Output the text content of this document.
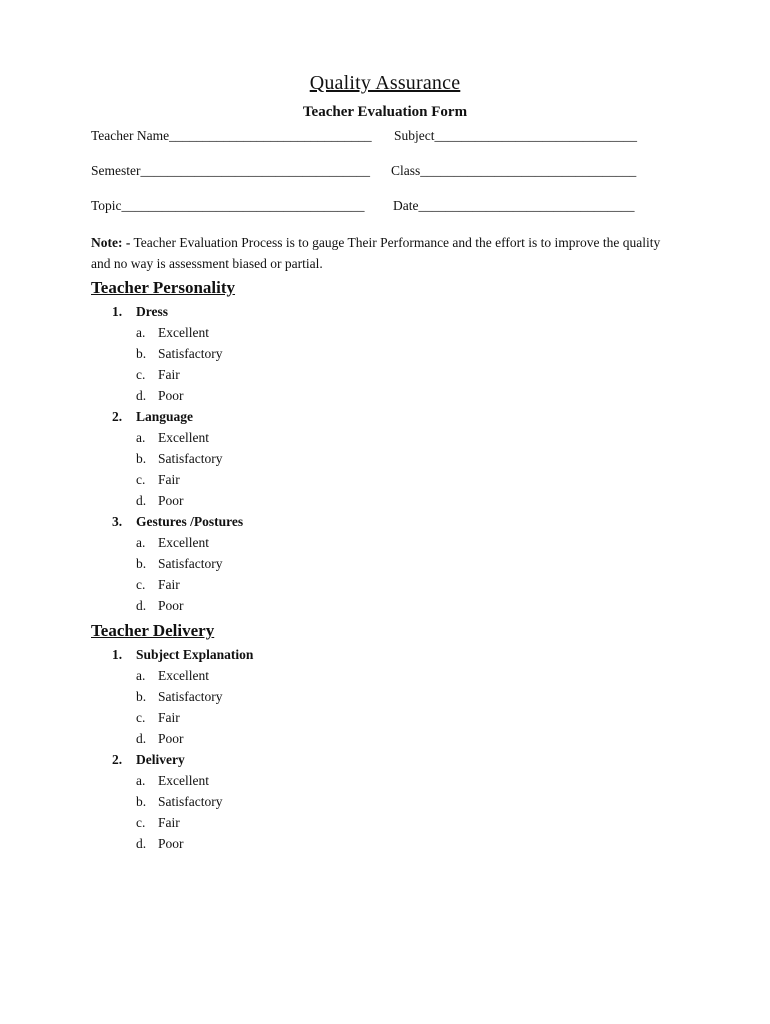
Quality Assurance
Teacher Evaluation Form
Teacher Name______________________________ Subject______________________________
Semester__________________________________ Class________________________________
Topic____________________________________ Date________________________________
Note: - Teacher Evaluation Process is to gauge Their Performance and the effort is to improve the quality and no way is assessment biased or partial.
Teacher Personality
1. Dress
a. Excellent
b. Satisfactory
c. Fair
d. Poor
2. Language
a. Excellent
b. Satisfactory
c. Fair
d. Poor
3. Gestures /Postures
a. Excellent
b. Satisfactory
c. Fair
d. Poor
Teacher Delivery
1. Subject Explanation
a. Excellent
b. Satisfactory
c. Fair
d. Poor
2. Delivery
a. Excellent
b. Satisfactory
c. Fair
d. Poor
